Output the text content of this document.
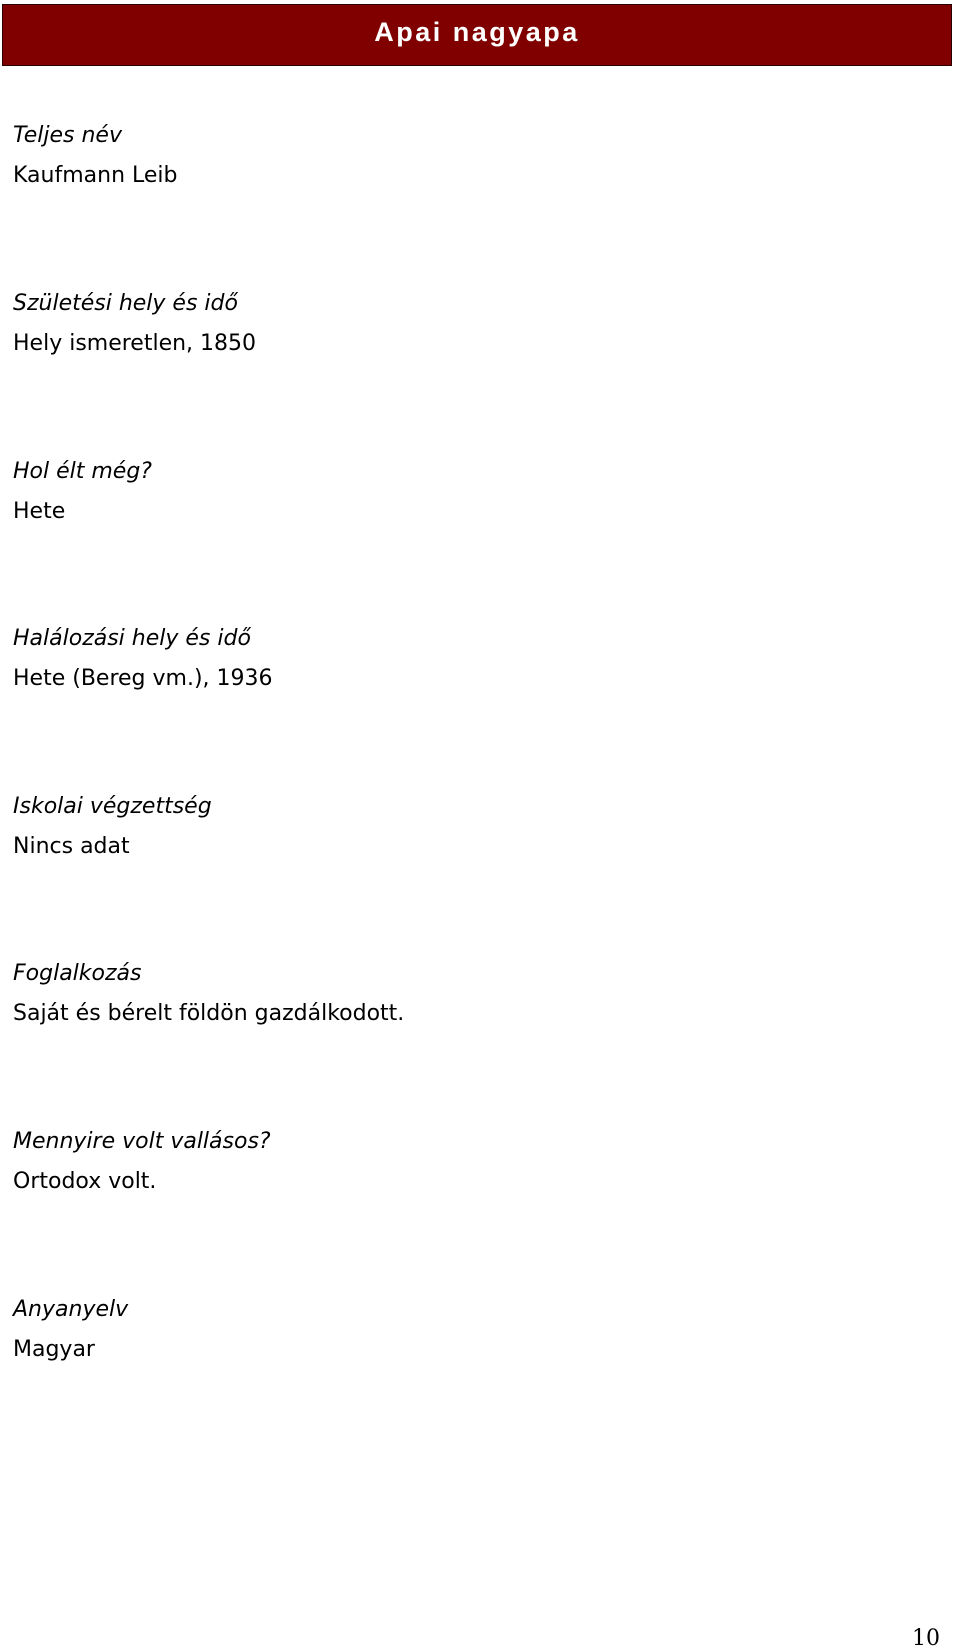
Apai nagyapa
Teljes név
Kaufmann Leib
Születési hely és idő
Hely ismeretlen, 1850
Hol élt még?
Hete
Halálozási hely és idő
Hete (Bereg vm.), 1936
Iskolai végzettség
Nincs adat
Foglalkozás
Saját és bérelt földön gazdálkodott.
Mennyire volt vallásos?
Ortodox volt.
Anyanyelv
Magyar
10
